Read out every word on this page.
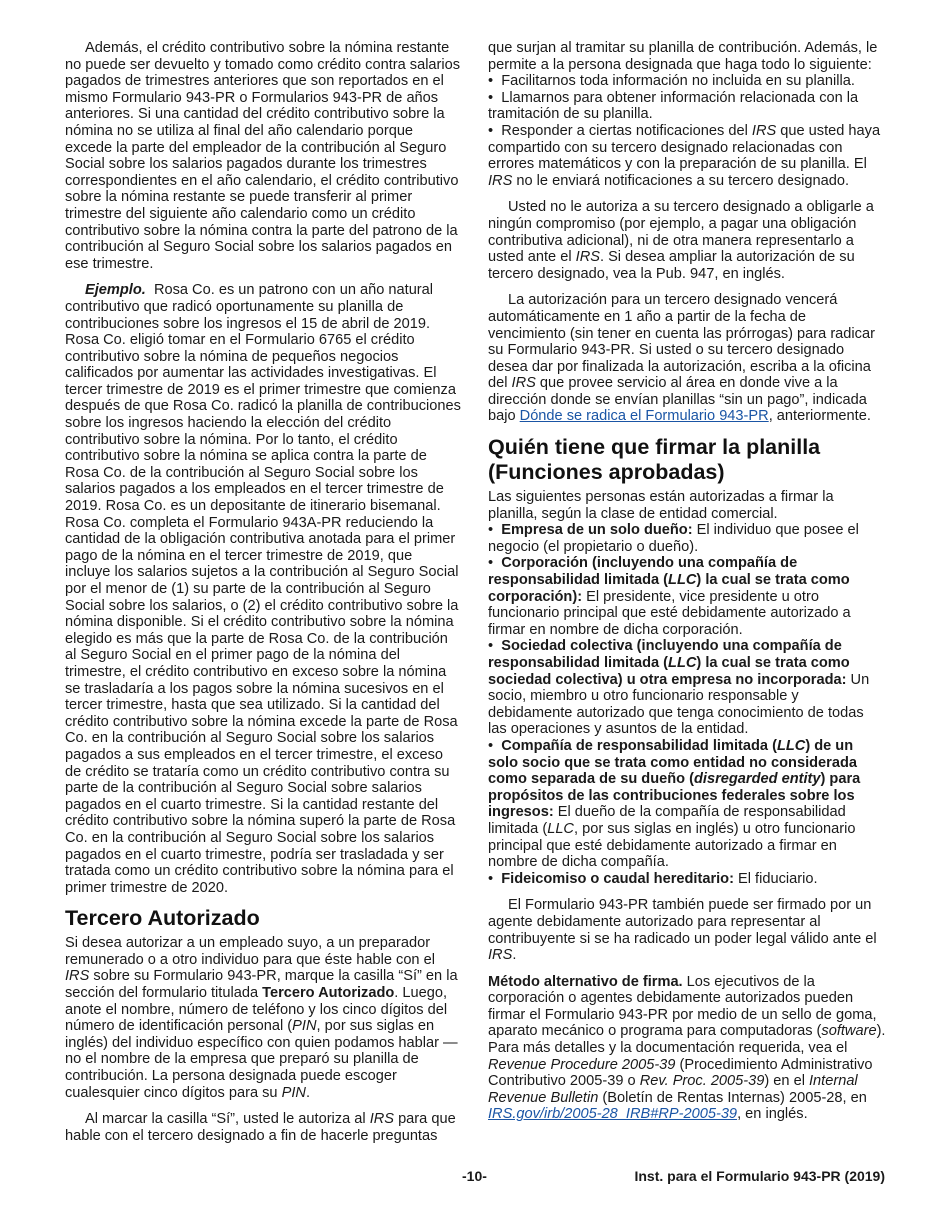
Además, el crédito contributivo sobre la nómina restante no puede ser devuelto y tomado como crédito contra salarios pagados de trimestres anteriores que son reportados en el mismo Formulario 943-PR o Formularios 943-PR de años anteriores. Si una cantidad del crédito contributivo sobre la nómina no se utiliza al final del año calendario porque excede la parte del empleador de la contribución al Seguro Social sobre los salarios pagados durante los trimestres correspondientes en el año calendario, el crédito contributivo sobre la nómina restante se puede transferir al primer trimestre del siguiente año calendario como un crédito contributivo sobre la nómina contra la parte del patrono de la contribución al Seguro Social sobre los salarios pagados en ese trimestre.

Ejemplo. Rosa Co. es un patrono con un año natural contributivo que radicó oportunamente su planilla de contribuciones sobre los ingresos el 15 de abril de 2019. Rosa Co. eligió tomar en el Formulario 6765 el crédito contributivo sobre la nómina de pequeños negocios calificados por aumentar las actividades investigativas. El tercer trimestre de 2019 es el primer trimestre que comienza después de que Rosa Co. radicó la planilla de contribuciones sobre los ingresos haciendo la elección del crédito contributivo sobre la nómina. Por lo tanto, el crédito contributivo sobre la nómina se aplica contra la parte de Rosa Co. de la contribución al Seguro Social sobre los salarios pagados a los empleados en el tercer trimestre de 2019. Rosa Co. es un depositante de itinerario bisemanal. Rosa Co. completa el Formulario 943A-PR reduciendo la cantidad de la obligación contributiva anotada para el primer pago de la nómina en el tercer trimestre de 2019, que incluye los salarios sujetos a la contribución al Seguro Social por el menor de (1) su parte de la contribución al Seguro Social sobre los salarios, o (2) el crédito contributivo sobre la nómina disponible. Si el crédito contributivo sobre la nómina elegido es más que la parte de Rosa Co. de la contribución al Seguro Social en el primer pago de la nómina del trimestre, el crédito contributivo en exceso sobre la nómina se trasladaría a los pagos sobre la nómina sucesivos en el tercer trimestre, hasta que sea utilizado. Si la cantidad del crédito contributivo sobre la nómina excede la parte de Rosa Co. en la contribución al Seguro Social sobre los salarios pagados a sus empleados en el tercer trimestre, el exceso de crédito se trataría como un crédito contributivo contra su parte de la contribución al Seguro Social sobre salarios pagados en el cuarto trimestre. Si la cantidad restante del crédito contributivo sobre la nómina superó la parte de Rosa Co. en la contribución al Seguro Social sobre los salarios pagados en el cuarto trimestre, podría ser trasladada y ser tratada como un crédito contributivo sobre la nómina para el primer trimestre de 2020.

Tercero Autorizado

Si desea autorizar a un empleado suyo, a un preparador remunerado o a otro individuo para que éste hable con el IRS sobre su Formulario 943-PR, marque la casilla “Sí” en la sección del formulario titulada Tercero Autorizado. Luego, anote el nombre, número de teléfono y los cinco dígitos del número de identificación personal (PIN, por sus siglas en inglés) del individuo específico con quien podamos hablar —no el nombre de la empresa que preparó su planilla de contribución. La persona designada puede escoger cualesquier cinco dígitos para su PIN.

Al marcar la casilla “Sí”, usted le autoriza al IRS para que hable con el tercero designado a fin de hacerle preguntas

que surjan al tramitar su planilla de contribución. Además, le permite a la persona designada que haga todo lo siguiente:

• Facilitarnos toda información no incluida en su planilla.
• Llamarnos para obtener información relacionada con la tramitación de su planilla.
• Responder a ciertas notificaciones del IRS que usted haya compartido con su tercero designado relacionadas con errores matemáticos y con la preparación de su planilla. El IRS no le enviará notificaciones a su tercero designado.

Usted no le autoriza a su tercero designado a obligarle a ningún compromiso (por ejemplo, a pagar una obligación contributiva adicional), ni de otra manera representarlo a usted ante el IRS. Si desea ampliar la autorización de su tercero designado, vea la Pub. 947, en inglés.

La autorización para un tercero designado vencerá automáticamente en 1 año a partir de la fecha de vencimiento (sin tener en cuenta las prórrogas) para radicar su Formulario 943-PR. Si usted o su tercero designado desea dar por finalizada la autorización, escriba a la oficina del IRS que provee servicio al área en donde vive a la dirección donde se envían planillas “sin un pago”, indicada bajo Dónde se radica el Formulario 943-PR, anteriormente.

Quién tiene que firmar la planilla (Funciones aprobadas)

Las siguientes personas están autorizadas a firmar la planilla, según la clase de entidad comercial.

• Empresa de un solo dueño: El individuo que posee el negocio (el propietario o dueño).
• Corporación (incluyendo una compañía de responsabilidad limitada (LLC) la cual se trata como corporación): El presidente, vice presidente u otro funcionario principal que esté debidamente autorizado a firmar en nombre de dicha corporación.
• Sociedad colectiva (incluyendo una compañía de responsabilidad limitada (LLC) la cual se trata como sociedad colectiva) u otra empresa no incorporada: Un socio, miembro u otro funcionario responsable y debidamente autorizado que tenga conocimiento de todas las operaciones y asuntos de la entidad.
• Compañía de responsabilidad limitada (LLC) de un solo socio que se trata como entidad no considerada como separada de su dueño (disregarded entity) para propósitos de las contribuciones federales sobre los ingresos: El dueño de la compañía de responsabilidad limitada (LLC, por sus siglas en inglés) u otro funcionario principal que esté debidamente autorizado a firmar en nombre de dicha compañía.
• Fideicomiso o caudal hereditario: El fiduciario.

El Formulario 943-PR también puede ser firmado por un agente debidamente autorizado para representar al contribuyente si se ha radicado un poder legal válido ante el IRS.

Método alternativo de firma. Los ejecutivos de la corporación o agentes debidamente autorizados pueden firmar el Formulario 943-PR por medio de un sello de goma, aparato mecánico o programa para computadoras (software). Para más detalles y la documentación requerida, vea el Revenue Procedure 2005-39 (Procedimiento Administrativo Contributivo 2005-39 o Rev. Proc. 2005-39) en el Internal Revenue Bulletin (Boletín de Rentas Internas) 2005-28, en IRS.gov/irb/2005-28_IRB#RP-2005-39, en inglés.

-10-	Inst. para el Formulario 943-PR (2019)
